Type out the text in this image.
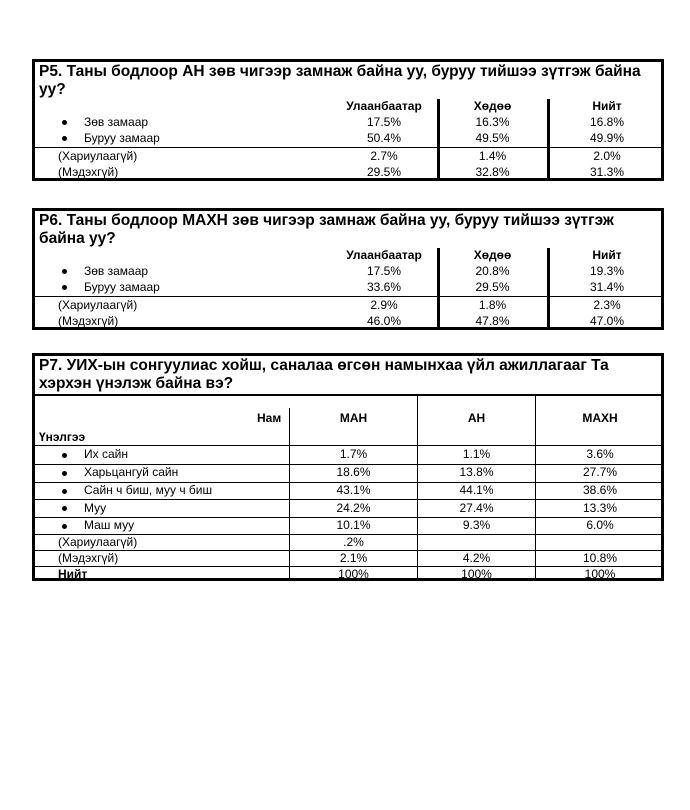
P5. Таны бодлоор АН зөв чигээр замнаж байна уу, буруу тийшээ зүтгэж байна уу?
Улаанбаатар	Хөдөө	Нийт
Зөв замаар	17.5%	16.3%	16.8%
Буруу замаар	50.4%	49.5%	49.9%
(Хариулаагүй)	2.7%	1.4%	2.0%
(Мэдэхгүй)	29.5%	32.8%	31.3%
P6. Таны бодлоор МАХН зөв чигээр замнаж байна уу, буруу тийшээ зүтгэж байна уу?
Улаанбаатар	Хөдөө	Нийт
Зөв замаар	17.5%	20.8%	19.3%
Буруу замаар	33.6%	29.5%	31.4%
(Хариулаагүй)	2.9%	1.8%	2.3%
(Мэдэхгүй)	46.0%	47.8%	47.0%
P7. УИХ-ын сонгуулиас хойш, саналаа өгсөн намынхаа үйл ажиллагааг Та хэрхэн үнэлэж байна вэ?
Нам
Үнэлгээ
МАН	АН	МАХН
Их сайн	1.7%	1.1%	3.6%
Харьцангуй сайн	18.6%	13.8%	27.7%
Сайн ч биш, муу ч биш	43.1%	44.1%	38.6%
Муу	24.2%	27.4%	13.3%
Маш муу	10.1%	9.3%	6.0%
(Хариулаагүй)	.2%
(Мэдэхгүй)	2.1%	4.2%	10.8%
Нийт	100%	100%	100%
